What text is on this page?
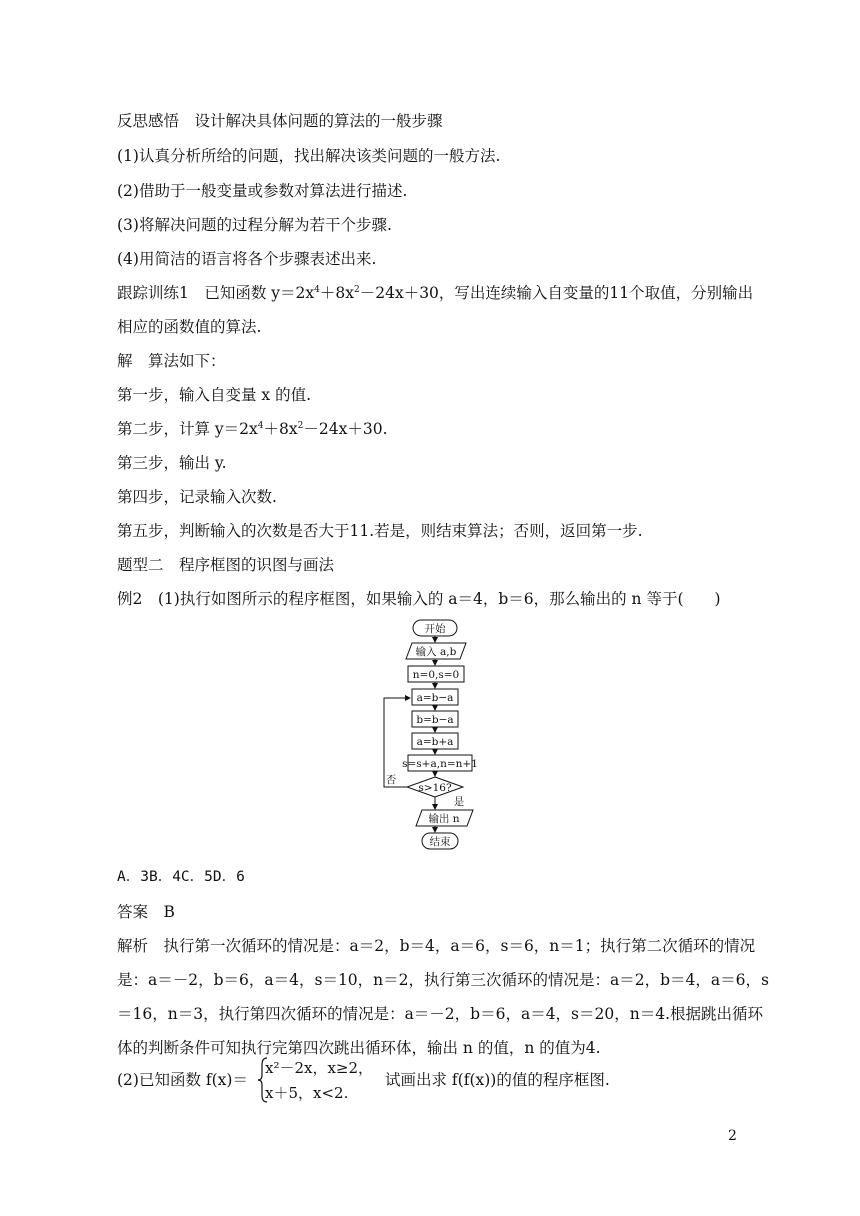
反思感悟　设计解决具体问题的算法的一般步骤
(1)认真分析所给的问题，找出解决该类问题的一般方法.
(2)借助于一般变量或参数对算法进行描述.
(3)将解决问题的过程分解为若干个步骤.
(4)用简洁的语言将各个步骤表述出来.
跟踪训练1　已知函数 $y=2x^4+8x^2-24x+30$，写出连续输入自变量的11个取值，分别输出
相应的函数值的算法.
解　算法如下：
第一步，输入自变量 x 的值.
第二步，计算 $y=2x^4+8x^2-24x+30$.
第三步，输出 y.
第四步，记录输入次数.
第五步，判断输入的次数是否大于11.若是，则结束算法；否则，返回第一步.
题型二　程序框图的识图与画法
例2　(1)执行如图所示的程序框图，如果输入的 a＝4，b＝6，那么输出的 n 等于(　　)
开始
输入 a,b
n=0,s=0
a=b−a
b=b−a
a=b+a
s=s+a,n=n+1
s>16?
否
是
输出 n
结束
A．3B．4C．5D．6
答案　B
解析　执行第一次循环的情况是：a＝2，b＝4，a＝6，s＝6，n＝1；执行第二次循环的情况
是：a＝－2，b＝6，a＝4，s＝10，n＝2，执行第三次循环的情况是：a＝2，b＝4，a＝6，s
＝16，n＝3，执行第四次循环的情况是：a＝－2，b＝6，a＝4，s＝20，n＝4.根据跳出循环
体的判断条件可知执行完第四次跳出循环体，输出 n 的值，n 的值为4.
(2)已知函数 f(x)＝
x²－2x，x≥2，
x＋5，x<2.
试画出求 f(f(x))的值的程序框图.
2
